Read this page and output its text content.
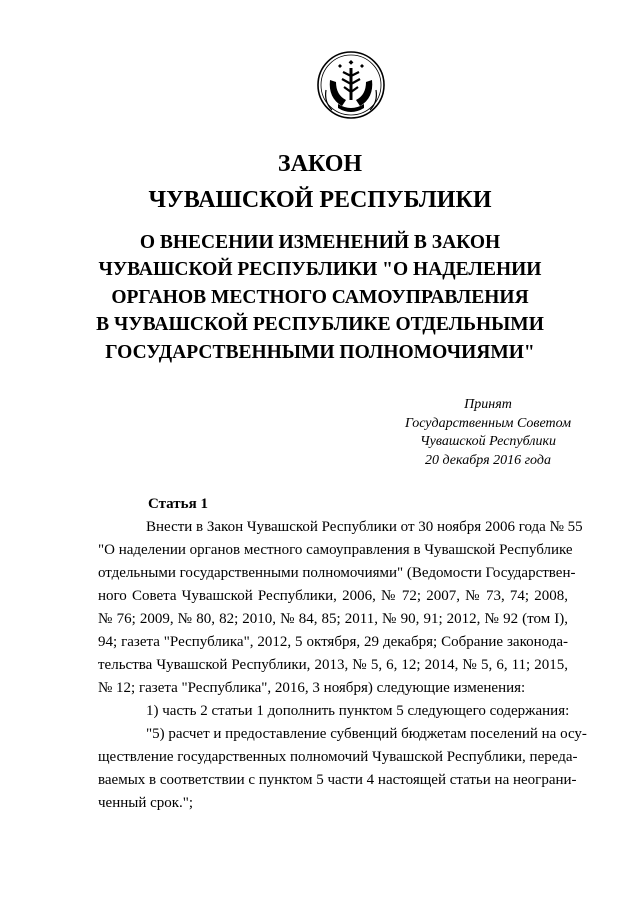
ЗАКОН
ЧУВАШСКОЙ РЕСПУБЛИКИ
О ВНЕСЕНИИ ИЗМЕНЕНИЙ В ЗАКОН
ЧУВАШСКОЙ РЕСПУБЛИКИ "О НАДЕЛЕНИИ
ОРГАНОВ МЕСТНОГО САМОУПРАВЛЕНИЯ
В ЧУВАШСКОЙ РЕСПУБЛИКЕ ОТДЕЛЬНЫМИ
ГОСУДАРСТВЕННЫМИ ПОЛНОМОЧИЯМИ"
Принят
Государственным Советом
Чувашской Республики
20 декабря 2016 года
Статья 1
Внести в Закон Чувашской Республики от 30 ноября 2006 года № 55
"О наделении органов местного самоуправления в Чувашской Республике
отдельными государственными полномочиями" (Ведомости Государствен-
ного Совета Чувашской Республики, 2006, № 72; 2007, № 73, 74; 2008,
№ 76; 2009, № 80, 82; 2010, № 84, 85; 2011, № 90, 91; 2012, № 92 (том I),
94; газета "Республика", 2012, 5 октября, 29 декабря; Собрание законода-
тельства Чувашской Республики, 2013, № 5, 6, 12; 2014, № 5, 6, 11; 2015,
№ 12; газета "Республика", 2016, 3 ноября) следующие изменения:
1) часть 2 статьи 1 дополнить пунктом 5 следующего содержания:
"5) расчет и предоставление субвенций бюджетам поселений на осу-
ществление государственных полномочий Чувашской Республики, переда-
ваемых в соответствии с пунктом 5 части 4 настоящей статьи на неограни-
ченный срок.";
